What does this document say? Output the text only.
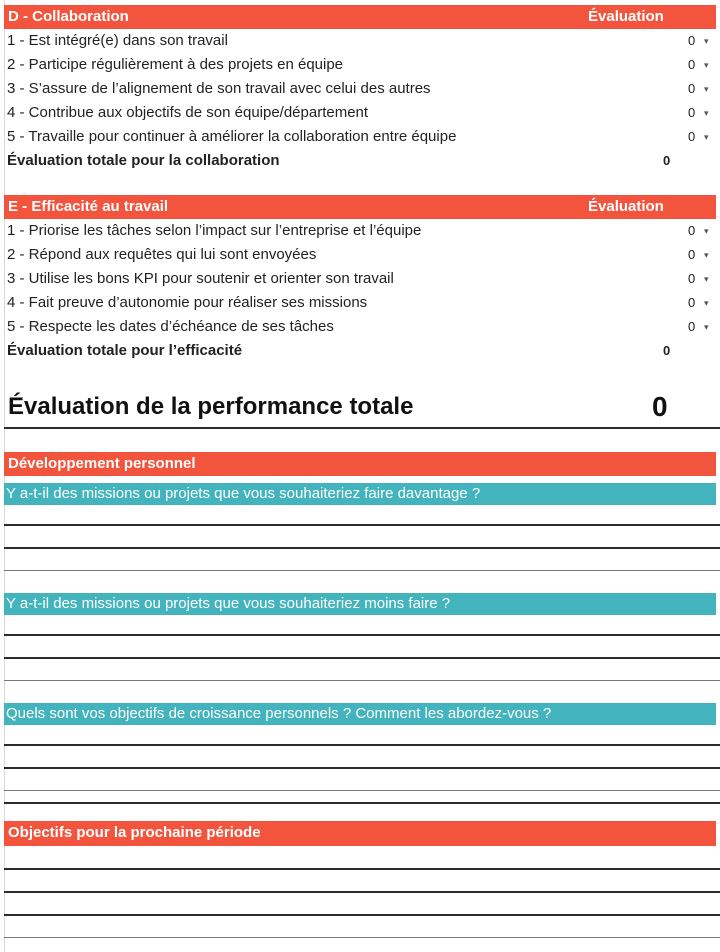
D - Collaboration	Évaluation
1 - Est intégré(e) dans son travail	0 ▾
2 - Participe régulièrement à des projets en équipe	0 ▾
3 - S’assure de l’alignement de son travail avec celui des autres	0 ▾
4 - Contribue aux objectifs de son équipe/département	0 ▾
5 - Travaille pour continuer à améliorer la collaboration entre équipe	0 ▾
Évaluation totale pour la collaboration	0
E - Efficacité au travail	Évaluation
1 - Priorise les tâches selon l’impact sur l’entreprise et l’équipe	0 ▾
2 - Répond aux requêtes qui lui sont envoyées	0 ▾
3 - Utilise les bons KPI pour soutenir et orienter son travail	0 ▾
4 - Fait preuve d’autonomie pour réaliser ses missions	0 ▾
5 - Respecte les dates d’échéance de ses tâches	0 ▾
Évaluation totale pour l’efficacité	0
Évaluation de la performance totale	0
Développement personnel
Y a-t-il des missions ou projets que vous souhaiteriez faire davantage ?
Y a-t-il des missions ou projets que vous souhaiteriez moins faire ?
Quels sont vos objectifs de croissance personnels ? Comment les abordez-vous ?
Objectifs pour la prochaine période
